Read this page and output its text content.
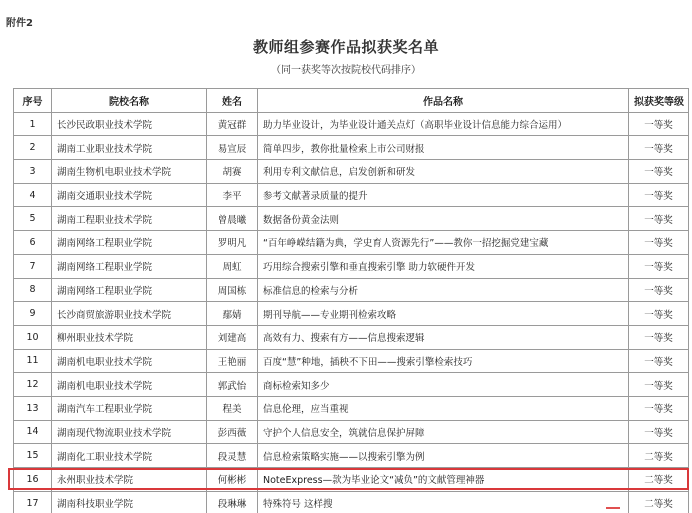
附件2
教师组参赛作品拟获奖名单
（同一获奖等次按院校代码排序）
序号	院校名称	姓名	作品名称	拟获奖等级
1	长沙民政职业技术学院	黄冠群	助力毕业设计，为毕业设计通关点灯（高职毕业设计信息能力综合运用）	一等奖
2	湖南工业职业技术学院	易宣辰	简单四步，教你批量检索上市公司财报	一等奖
3	湖南生物机电职业技术学院	胡赛	利用专利文献信息，启发创新和研发	一等奖
4	湖南交通职业技术学院	李平	参考文献著录质量的提升	一等奖
5	湖南工程职业技术学院	曾晨曦	数据备份黄金法则	一等奖
6	湖南网络工程职业学院	罗明凡	“百年峥嵘结籍为典，学史育人资源先行”——教你一招挖掘党建宝藏	一等奖
7	湖南网络工程职业学院	周虹	巧用综合搜索引擎和垂直搜索引擎 助力软硬件开发	一等奖
8	湖南网络工程职业学院	周国栋	标准信息的检索与分析	一等奖
9	长沙商贸旅游职业技术学院	鄢婧	期刊导航——专业期刊检索攻略	一等奖
10	柳州职业技术学院	刘建高	高效有力、搜索有方——信息搜索逻辑	一等奖
11	湖南机电职业技术学院	王艳丽	百度“慧”种地，插秧不下田——搜索引擎检索技巧	一等奖
12	湖南机电职业技术学院	郭武怡	商标检索知多少	一等奖
13	湖南汽车工程职业学院	程美	信息伦理，应当重视	一等奖
14	湖南现代物流职业技术学院	彭西薇	守护个人信息安全，筑就信息保护屏障	一等奖
15	湖南化工职业技术学院	段灵慧	信息检索策略实施——以搜索引擎为例	二等奖
16	永州职业技术学院	何彬彬	NoteExpress—款为毕业论文“减负”的文献管理神器	二等奖
17	湖南科技职业学院	段琳琳	特殊符号 这样搜	二等奖
